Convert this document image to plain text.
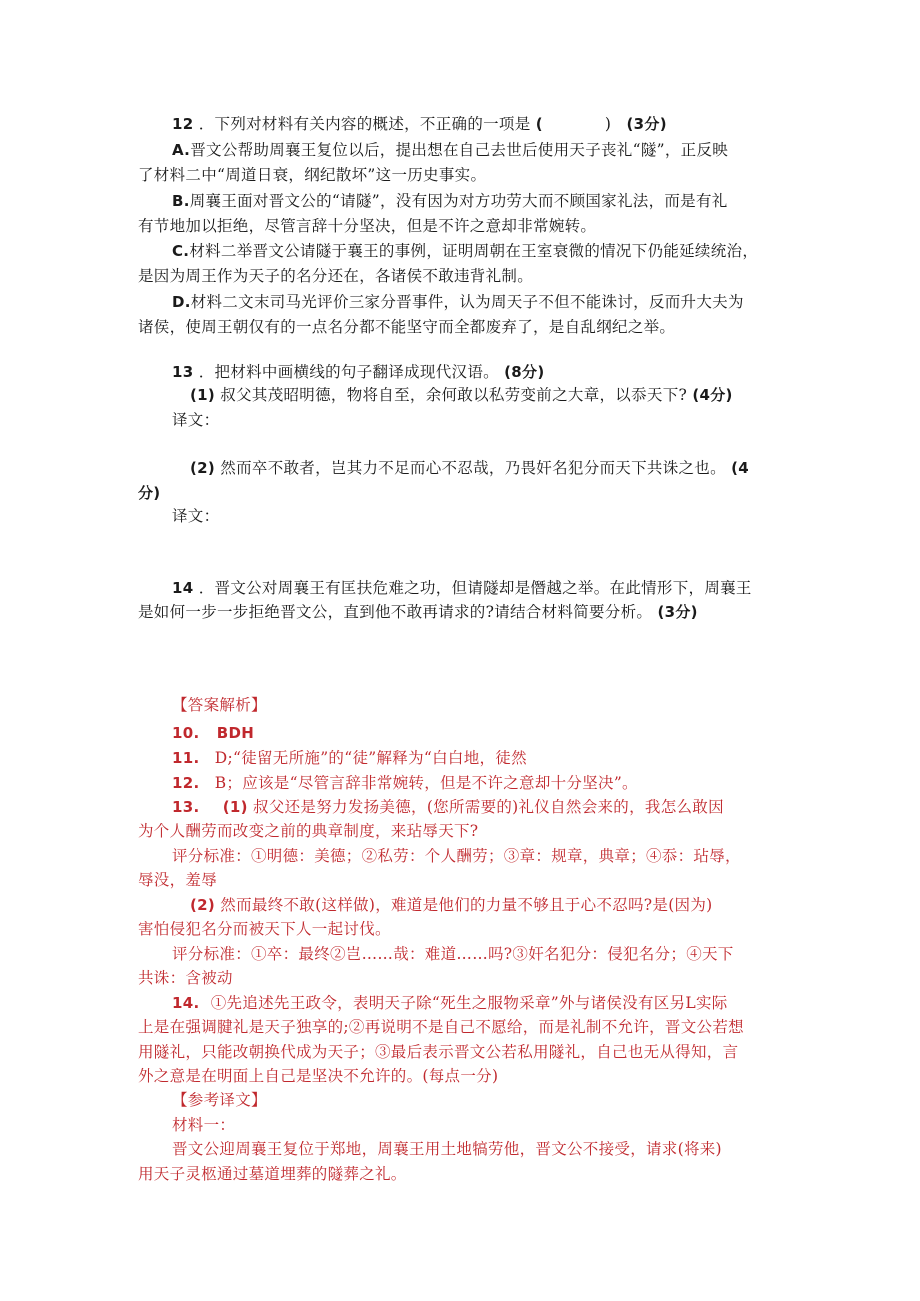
12 ．下列对材料有关内容的概述，不正确的一项是 (	) (3分)
A.晋文公帮助周襄王复位以后，提出想在自己去世后使用天子丧礼“隧”，正反映
了材料二中“周道日衰，纲纪散坏”这一历史事实。
B.周襄王面对晋文公的“请隧”，没有因为对方功劳大而不顾国家礼法，而是有礼
有节地加以拒绝，尽管言辞十分坚决，但是不许之意却非常婉转。
C.材料二举晋文公请隧于襄王的事例，证明周朝在王室衰微的情况下仍能延续统治，
是因为周王作为天子的名分还在，各诸侯不敢违背礼制。
D.材料二文末司马光评价三家分晋事件，认为周天子不但不能诛讨，反而升大夫为
诸侯，使周王朝仅有的一点名分都不能坚守而全都废弃了，是自乱纲纪之举。
13 ．把材料中画横线的句子翻译成现代汉语。 (8分)
(1) 叔父其茂昭明德，物将自至，余何敢以私劳变前之大章，以忝天下? (4分)
译文：
(2) 然而卒不敢者，岂其力不足而心不忍哉，乃畏奸名犯分而天下共诛之也。 (4
分)
译文：
14 ．晋文公对周襄王有匡扶危难之功，但请隧却是僭越之举。在此情形下，周襄王
是如何一步一步拒绝晋文公，直到他不敢再请求的?请结合材料简要分析。 (3分)
【答案解析】
10. BDH
11. D;“徒留无所施”的“徒”解释为“白白地，徒然
12. B；应该是“尽管言辞非常婉转，但是不许之意却十分坚决”。
13. (1) 叔父还是努力发扬美德，(您所需要的)礼仪自然会来的，我怎么敢因
为个人酬劳而改变之前的典章制度，来玷辱天下?
评分标准：①明德：美德；②私劳：个人酬劳；③章：规章，典章；④忝：玷辱，
辱没，羞辱
(2) 然而最终不敢(这样做)，难道是他们的力量不够且于心不忍吗?是(因为)
害怕侵犯名分而被天下人一起讨伐。
评分标准：①卒：最终②岂……哉：难道……吗?③奸名犯分：侵犯名分；④天下
共诛：含被动
14. ①先追述先王政令，表明天子除“死生之服物采章”外与诸侯没有区另L实际
上是在强调腱礼是天子独享的;②再说明不是自己不愿给，而是礼制不允许，晋文公若想
用隧礼，只能改朝换代成为天子；③最后表示晋文公若私用隧礼，自己也无从得知，言
外之意是在明面上自己是坚决不允许的。(每点一分)
【参考译文】
材料一：
晋文公迎周襄王复位于郑地，周襄王用土地犒劳他，晋文公不接受，请求(将来)
用天子灵柩通过墓道埋葬的隧葬之礼。
